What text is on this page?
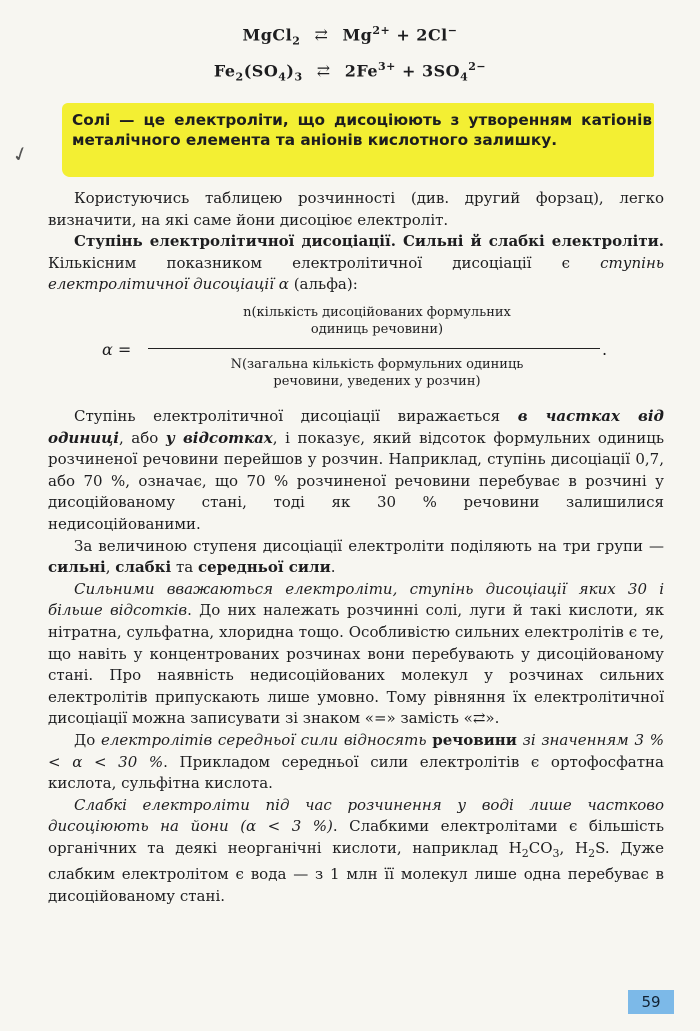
MgCl$_2$ ⇄ $Mg^{2+} + 2Cl^-$
$Fe_2(SO_4)_3$ ⇄ $2Fe^{3+} + 3SO_4^{2-}$
✓
Солі — це електроліти, що дисоціюють з утворенням катіонів металічного елемента та аніонів кислотного залишку.

Користуючись таблицею розчинності (див. другий форзац), легко визначити, на які саме йони дисоціює електроліт.

Ступінь електролітичної дисоціації. Сильні й слабкі електроліти. Кількісним показником електролітичної дисоціації є ступінь електролітичної дисоціації α (альфа):

α =
n(кількість дисоційованих формульних
одиниць речовини)
N(загальна кількість формульних одиниць
речовини, уведених у розчин)
.

Ступінь електролітичної дисоціації виражається в частках від одиниці, або у відсотках, і показує, який відсоток формульних одиниць розчиненої речовини перейшов у розчин. Наприклад, ступінь дисоціації 0,7, або 70 %, означає, що 70 % розчиненої речовини перебуває в розчині у дисоційованому стані, тоді як 30 % речовини залишилися недисоційованими.

За величиною ступеня дисоціації електроліти поділяють на три групи — сильні, слабкі та середньої сили.

Сильними вважаються електроліти, ступінь дисоціації яких 30 і більше відсотків. До них належать розчинні солі, луги й такі кислоти, як нітратна, сульфатна, хлоридна тощо. Особливістю сильних електролітів є те, що навіть у концентрованих розчинах вони перебувають у дисоційованому стані. Про наявність недисоційованих молекул у розчинах сильних електролітів припускають лише умовно. Тому рівняння їх електролітичної дисоціації можна записувати зі знаком «=» замість «⇄».

До електролітів середньої сили відносять речовини зі значенням 3 % < α < 30 %. Прикладом середньої сили електролітів є ортофосфатна кислота, сульфітна кислота.

Слабкі електроліти під час розчинення у воді лише частково дисоціюють на йони (α < 3 %). Слабкими електролітами є більшість органічних та деякі неорганічні кислоти, наприклад $H_2CO_3$, $H_2S$. Дуже слабким електролітом є вода — з 1 млн її молекул лише одна перебуває в дисоційованому стані.

59
